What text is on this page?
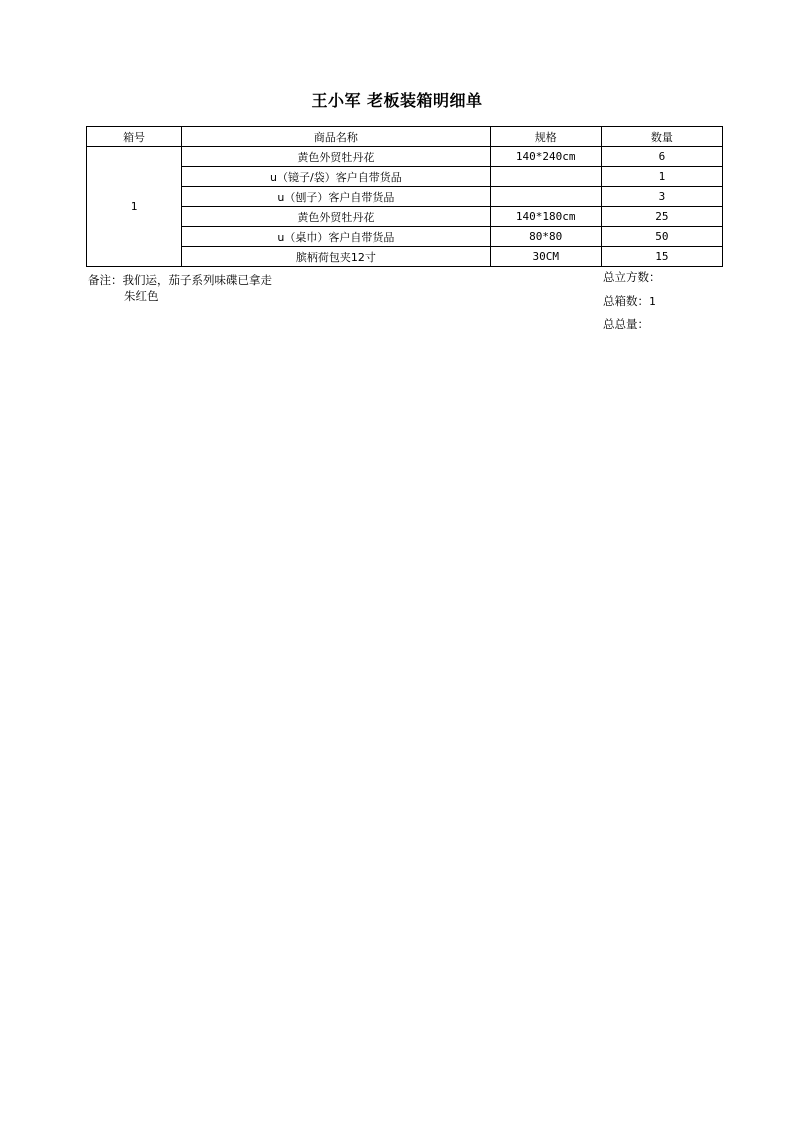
王小军 老板装箱明细单
箱号	商品名称	规格	数量
1	黄色外贸牡丹花	140*240cm	6
	u（镜子/袋）客户自带货品		1
	u（刨子）客户自带货品		3
	黄色外贸牡丹花	140*180cm	25
	u（桌巾）客户自带货品	80*80	50
	膑柄荷包夹12寸	30CM	15
备注： 我们运，茄子系列味碟已拿走
朱红色
总立方数：
总箱数：1
总总量：
